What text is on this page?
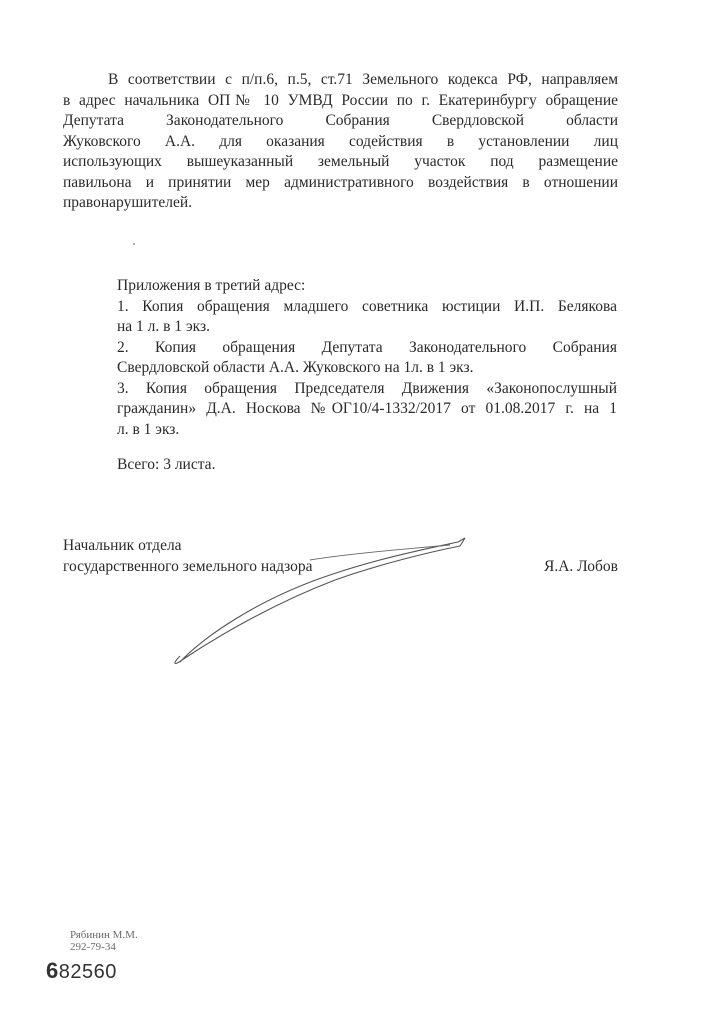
В соответствии с п/п.6, п.5, ст.71 Земельного кодекса РФ, направляем
в адрес начальника ОП№ 10 УМВД России по г. Екатеринбургу обращение
Депутата Законодательного Собрания Свердловской области
Жуковского А.А. для оказания содействия в установлении лиц
использующих вышеуказанный земельный участок под размещение
павильона и принятии мер административного воздействия в отношении
правонарушителей.
Приложения в третий адрес:
1. Копия обращения младшего советника юстиции И.П. Белякова
на 1 л. в 1 экз.
2. Копия обращения Депутата Законодательного Собрания
Свердловской области А.А. Жуковского на 1л. в 1 экз.
3. Копия обращения Председателя Движения «Законопослушный
гражданин» Д.А. Носкова №ОГ10/4-1332/2017 от 01.08.2017 г. на 1
л. в 1 экз.
Всего: 3 листа.
Начальник отдела
государственного земельного надзора	Я.А. Лобов
Рябинин М.М.
292-79-34
682560
